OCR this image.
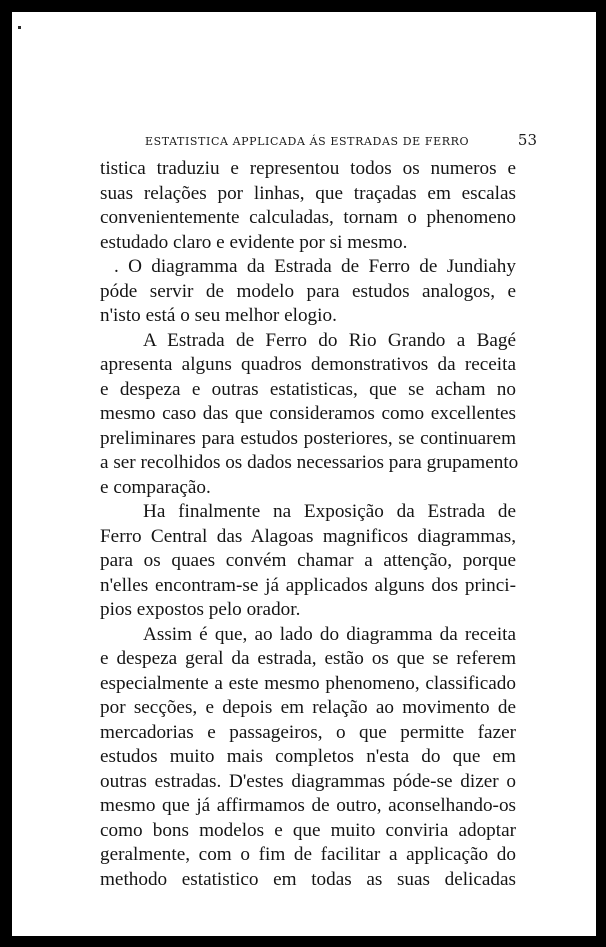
ESTATISTICA APPLICADA ÁS ESTRADAS DE FERRO	53
tistica traduziu e representou todos os numeros e
suas relações por linhas, que traçadas em escalas
convenientemente calculadas, tornam o phenomeno
estudado claro e evidente por si mesmo.
. O diagramma da Estrada de Ferro de Jundiahy
póde servir de modelo para estudos analogos, e
n'isto está o seu melhor elogio.
A Estrada de Ferro do Rio Grando a Bagé
apresenta alguns quadros demonstrativos da receita
e despeza e outras estatisticas, que se acham no
mesmo caso das que consideramos como excellentes
preliminares para estudos posteriores, se continuarem
a ser recolhidos os dados necessarios para grupamento
e comparação.
Ha finalmente na Exposição da Estrada de
Ferro Central das Alagoas magnificos diagrammas,
para os quaes convém chamar a attenção, porque
n'elles encontram-se já applicados alguns dos princi-
pios expostos pelo orador.
Assim é que, ao lado do diagramma da receita
e despeza geral da estrada, estão os que se referem
especialmente a este mesmo phenomeno, classificado
por secções, e depois em relação ao movimento de
mercadorias e passageiros, o que permitte fazer
estudos muito mais completos n'esta do que em
outras estradas. D'estes diagrammas póde-se dizer o
mesmo que já affirmamos de outro, aconselhando-os
como bons modelos e que muito conviria adoptar
geralmente, com o fim de facilitar a applicação do
methodo estatistico em todas as suas delicadas
